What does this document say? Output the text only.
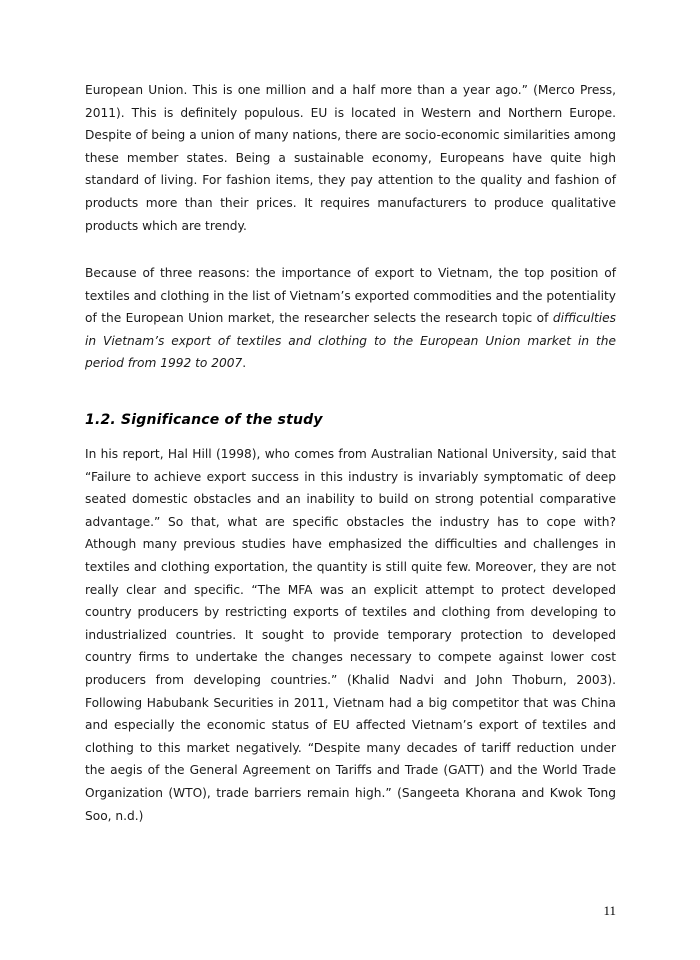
European Union. This is one million and a half more than a year ago.” (Merco Press, 2011). This is definitely populous. EU is located in Western and Northern Europe. Despite of being a union of many nations, there are socio-economic similarities among these member states. Being a sustainable economy, Europeans have quite high standard of living. For fashion items, they pay attention to the quality and fashion of products more than their prices. It requires manufacturers to produce qualitative products which are trendy.

Because of three reasons: the importance of export to Vietnam, the top position of textiles and clothing in the list of Vietnam’s exported commodities and the potentiality of the European Union market, the researcher selects the research topic of difficulties in Vietnam’s export of textiles and clothing to the European Union market in the period from 1992 to 2007.

1.2. Significance of the study

In his report, Hal Hill (1998), who comes from Australian National University, said that “Failure to achieve export success in this industry is invariably symptomatic of deep seated domestic obstacles and an inability to build on strong potential comparative advantage.” So that, what are specific obstacles the industry has to cope with? Athough many previous studies have emphasized the difficulties and challenges in textiles and clothing exportation, the quantity is still quite few. Moreover, they are not really clear and specific. “The MFA was an explicit attempt to protect developed country producers by restricting exports of textiles and clothing from developing to industrialized countries. It sought to provide temporary protection to developed country firms to undertake the changes necessary to compete against lower cost producers from developing countries.” (Khalid Nadvi and John Thoburn, 2003). Following Habubank Securities in 2011, Vietnam had a big competitor that was China and especially the economic status of EU affected Vietnam’s export of textiles and clothing to this market negatively. “Despite many decades of tariff reduction under the aegis of the General Agreement on Tariffs and Trade (GATT) and the World Trade Organization (WTO), trade barriers remain high.” (Sangeeta Khorana and Kwok Tong Soo, n.d.)

11
